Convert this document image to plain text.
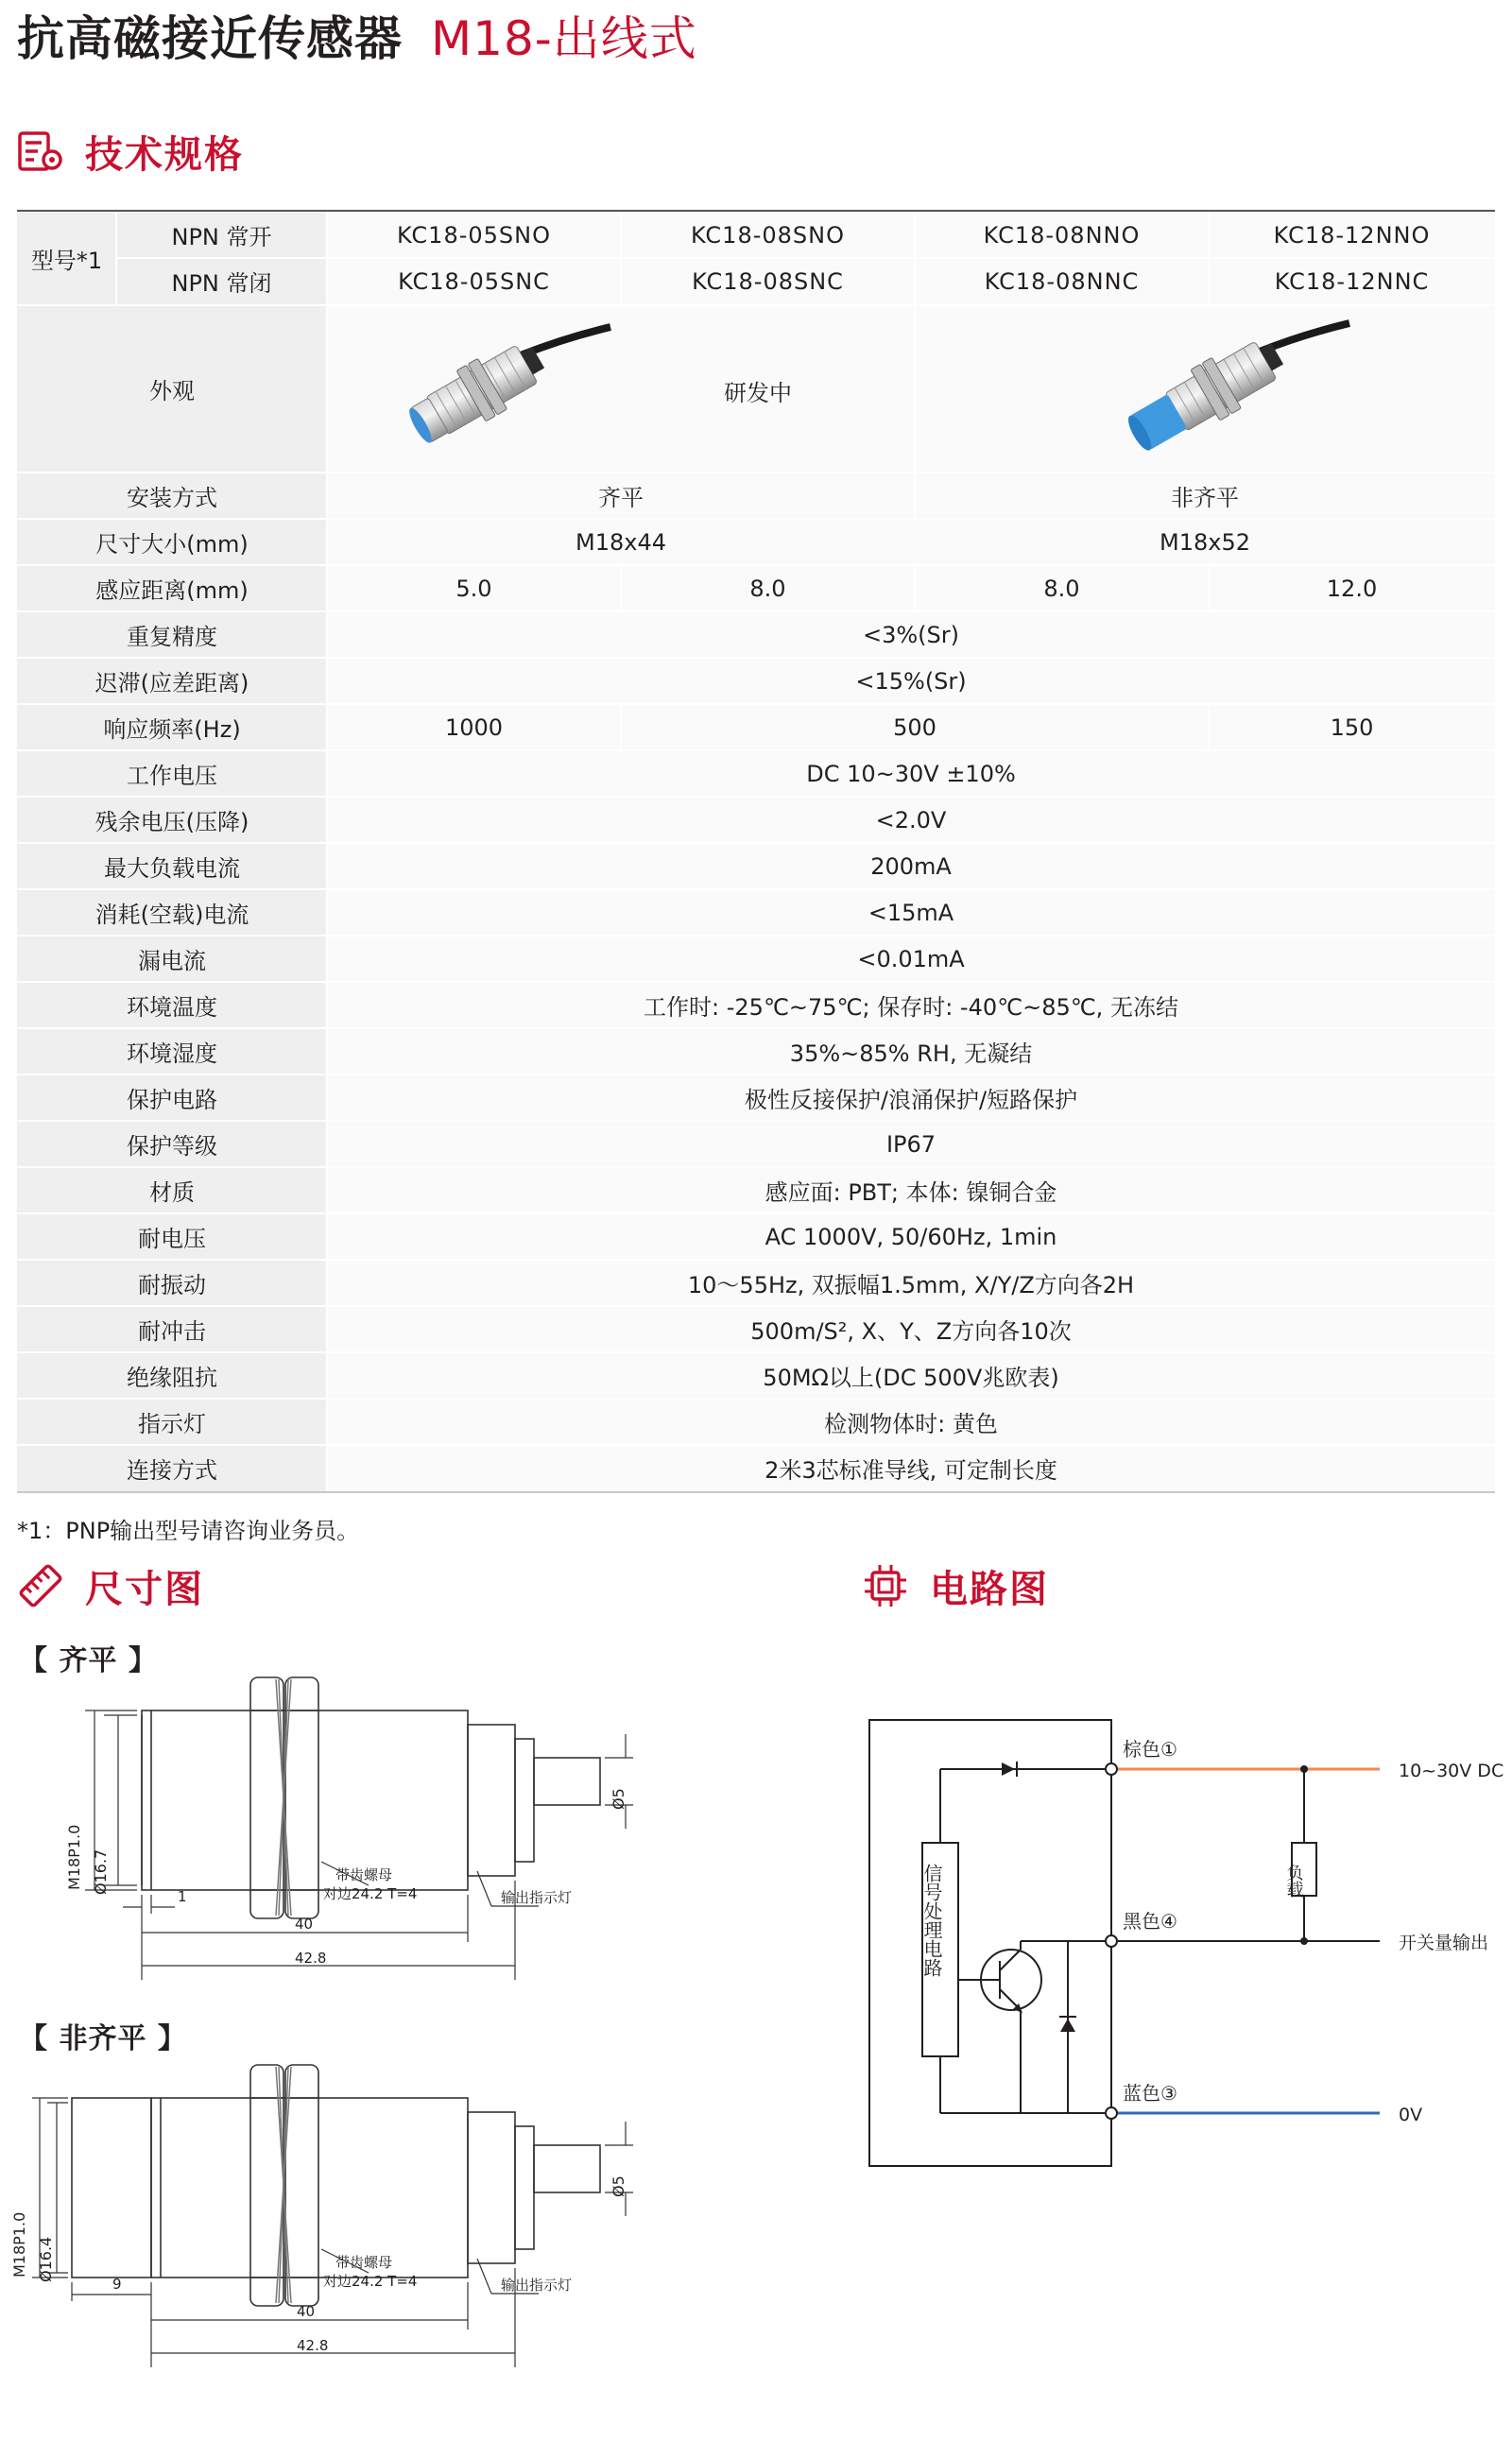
抗高磁接近传感器 M18-出线式
技术规格
型号*1
NPN 常开	KC18-05SNO	KC18-08SNO	KC18-08NNO	KC18-12NNO
NPN 常闭	KC18-05SNC	KC18-08SNC	KC18-08NNC	KC18-12NNC
外观	研发中
安装方式	齐平	非齐平
尺寸大小(mm)	M18x44	M18x52
感应距离(mm)	5.0	8.0	8.0	12.0
重复精度	<3%(Sr)
迟滞(应差距离)	<15%(Sr)
响应频率(Hz)	1000	500	150
工作电压	DC 10~30V ±10%
残余电压(压降)	<2.0V
最大负载电流	200mA
消耗(空载)电流	<15mA
漏电流	<0.01mA
环境温度	工作时: -25℃~75℃; 保存时: -40℃~85℃, 无冻结
环境湿度	35%~85% RH, 无凝结
保护电路	极性反接保护/浪涌保护/短路保护
保护等级	IP67
材质	感应面: PBT; 本体: 镍铜合金
耐电压	AC 1000V, 50/60Hz, 1min
耐振动	10～55Hz, 双振幅1.5mm, X/Y/Z方向各2H
耐冲击	500m/S², X、Y、Z方向各10次
绝缘阻抗	50MΩ以上(DC 500V兆欧表)
指示灯	检测物体时: 黄色
连接方式	2米3芯标准导线, 可定制长度
*1：PNP输出型号请咨询业务员。
尺寸图	电路图
【 齐平 】
【 非齐平 】
M18P1.0 Ø16.7
Ø5
1
40
42.8
带齿螺母
对边24.2 T=4	输出指示灯
M18P1.0 Ø16.4
Ø5
9
40
42.8
带齿螺母
对边24.2 T=4	输出指示灯
棕色①
黑色④
蓝色③
10~30V DC
开关量输出
0V
负载
信号处理电路
